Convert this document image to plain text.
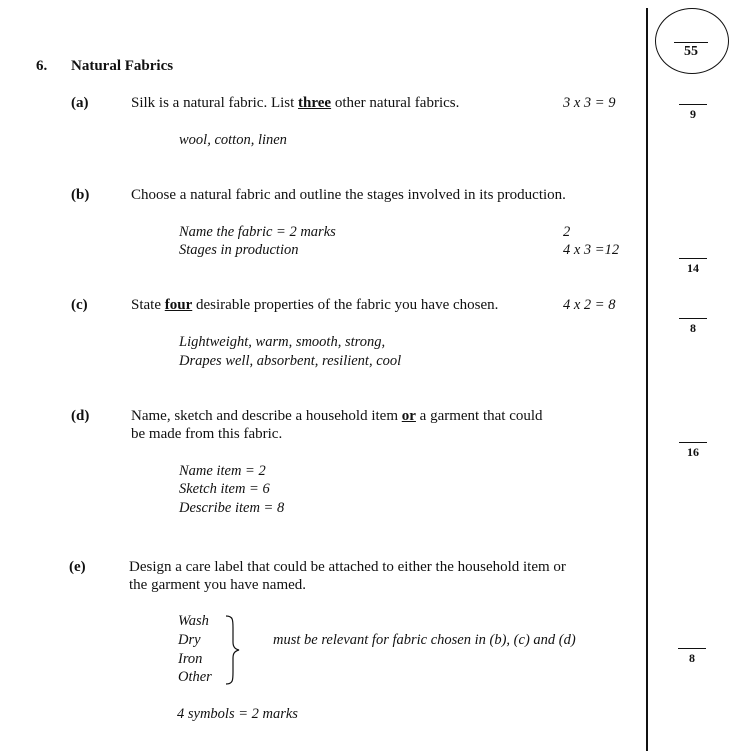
55
6. Natural Fabrics
(a)	Silk is a natural fabric. List three other natural fabrics.	3 x 3 = 9
wool, cotton, linen
9
(b)	Choose a natural fabric and outline the stages involved in its production.
Name the fabric = 2 marks	2
Stages in production	4 x 3 =12
14
(c)	State four desirable properties of the fabric you have chosen.	4 x 2 = 8
Lightweight, warm, smooth, strong,
Drapes well, absorbent, resilient, cool
8
(d)	Name, sketch and describe a household item or a garment that could
be made from this fabric.
Name item = 2
Sketch item = 6
Describe item = 8
16
(e)	Design a care label that could be attached to either the household item or
the garment you have named.
Wash
Dry
Iron
Other
must be relevant for fabric chosen in (b), (c) and (d)
4 symbols = 2 marks
8
